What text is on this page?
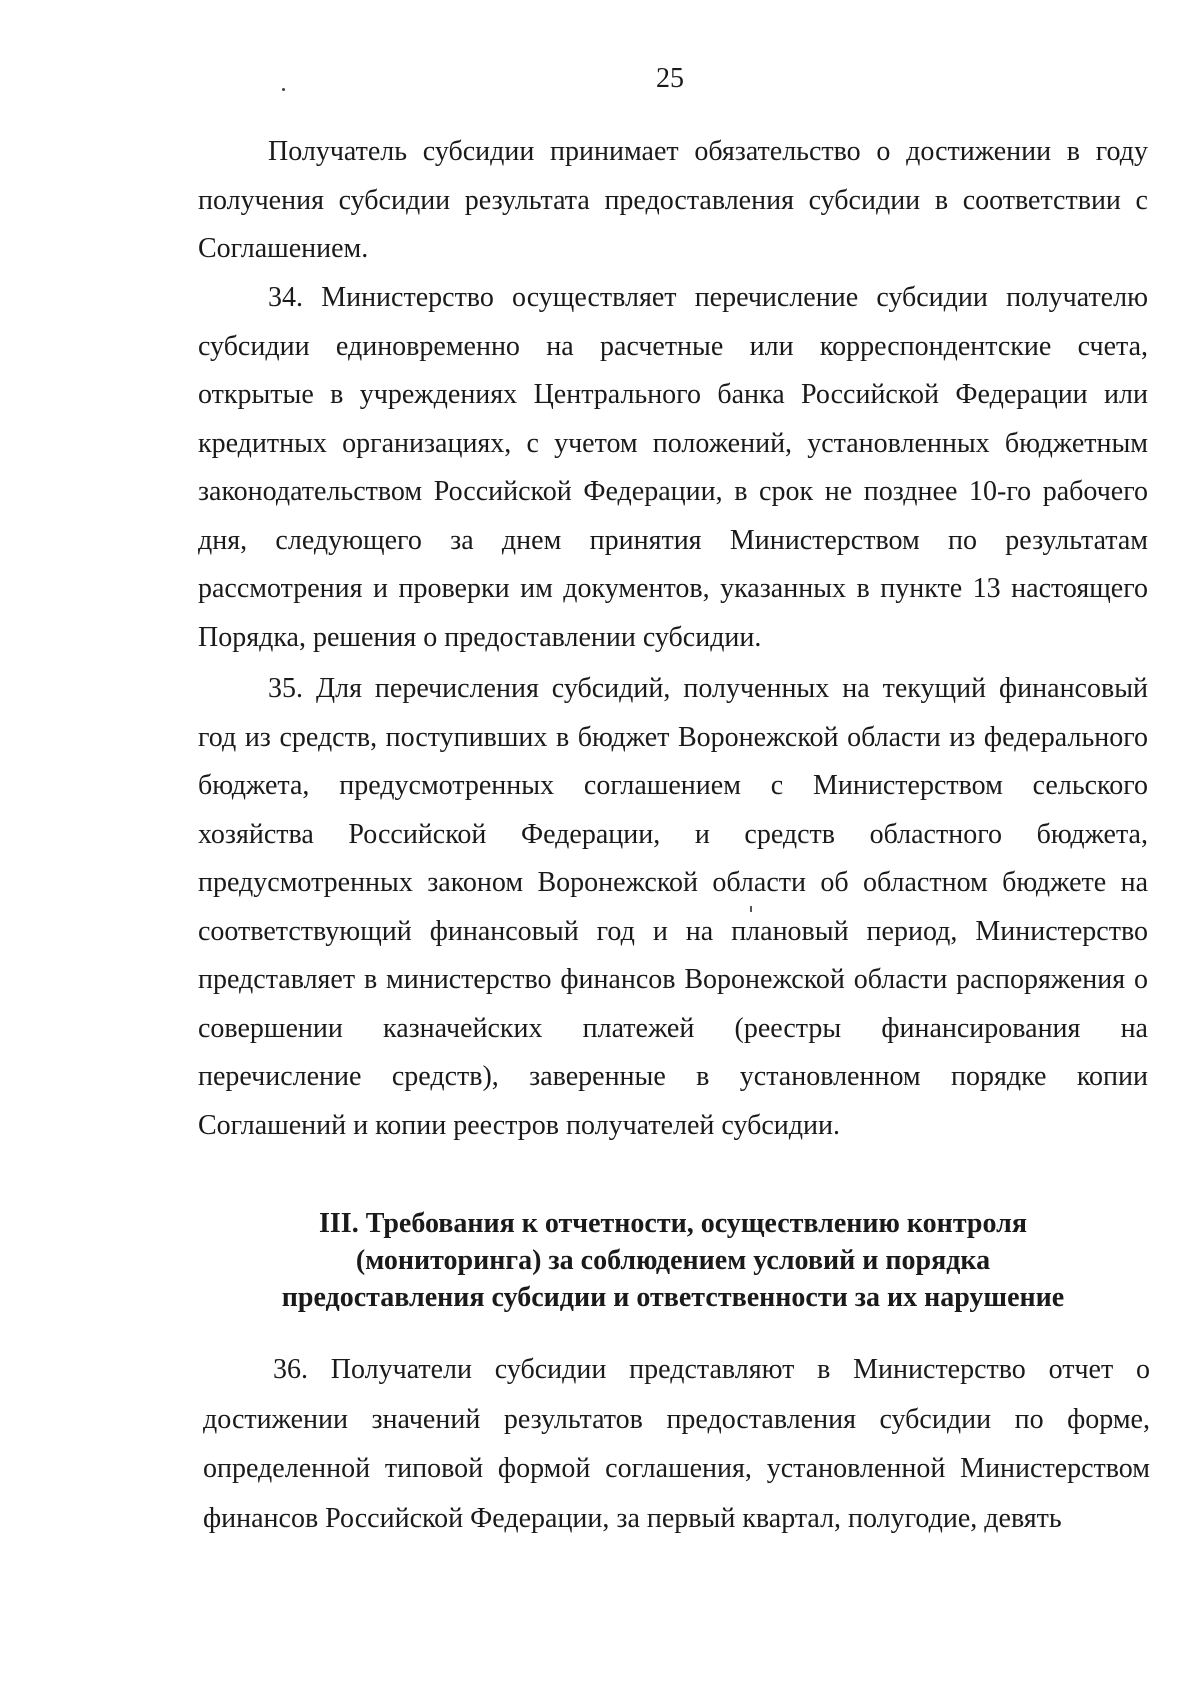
25

Получатель субсидии принимает обязательство о достижении в году получения субсидии результата предоставления субсидии в соответствии с Соглашением.

34. Министерство осуществляет перечисление субсидии получателю субсидии единовременно на расчетные или корреспондентские счета, открытые в учреждениях Центрального банка Российской Федерации или кредитных организациях, с учетом положений, установленных бюджетным законодательством Российской Федерации, в срок не позднее 10-го рабочего дня, следующего за днем принятия Министерством по результатам рассмотрения и проверки им документов, указанных в пункте 13 настоящего Порядка, решения о предоставлении субсидии.

35. Для перечисления субсидий, полученных на текущий финансовый год из средств, поступивших в бюджет Воронежской области из федерального бюджета, предусмотренных соглашением с Министерством сельского хозяйства Российской Федерации, и средств областного бюджета, предусмотренных законом Воронежской области об областном бюджете на соответствующий финансовый год и на плановый период, Министерство представляет в министерство финансов Воронежской области распоряжения о совершении казначейских платежей (реестры финансирования на перечисление средств), заверенные в установленном порядке копии Соглашений и копии реестров получателей субсидии.

III. Требования к отчетности, осуществлению контроля
(мониторинга) за соблюдением условий и порядка
предоставления субсидии и ответственности за их нарушение

36. Получатели субсидии представляют в Министерство отчет о достижении значений результатов предоставления субсидии по форме, определенной типовой формой соглашения, установленной Министерством финансов Российской Федерации, за первый квартал, полугодие, девять
